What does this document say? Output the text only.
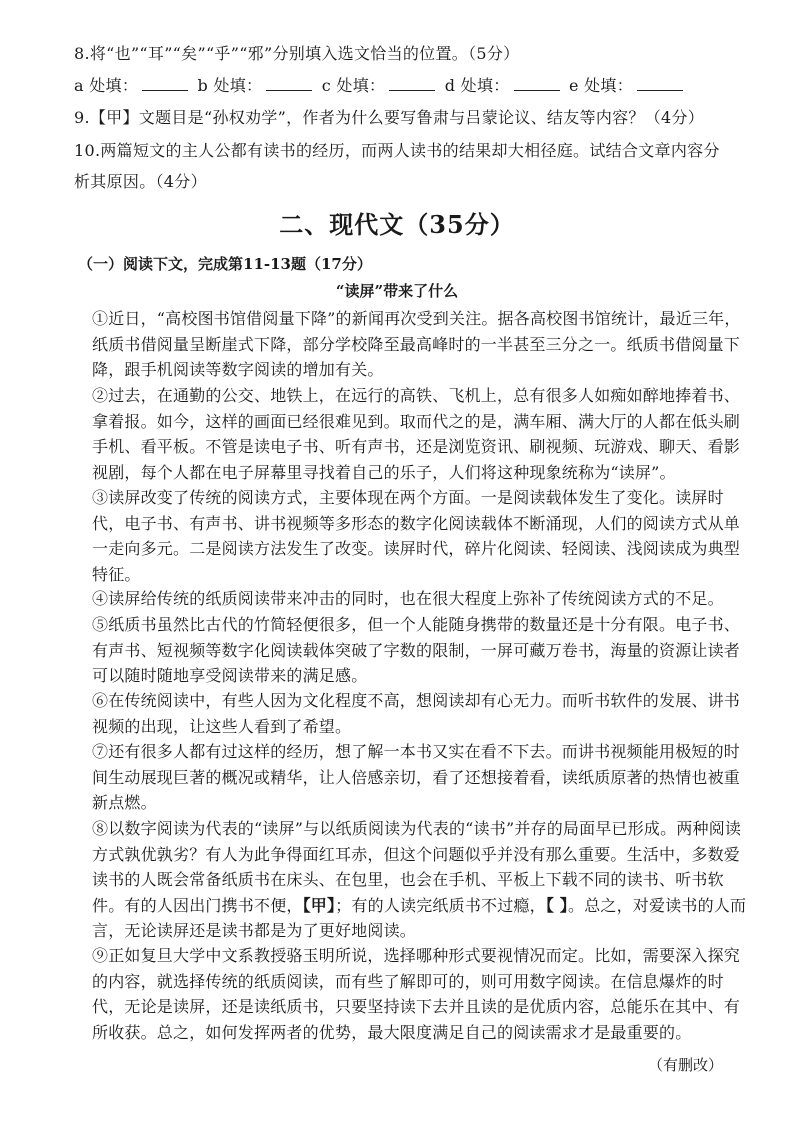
8.将“也”“耳”“矣”“乎”“邪”分别填入选文恰当的位置。（5分）
a 处填：	b 处填：	c 处填：	d 处填：	e 处填：
9.【甲】文题目是“孙权劝学”，作者为什么要写鲁肃与吕蒙论议、结友等内容？（4分）
10.两篇短文的主人公都有读书的经历，而两人读书的结果却大相径庭。试结合文章内容分
析其原因。（4分）
二、现代文（35分）
（一）阅读下文，完成第11-13题（17分）
“读屏”带来了什么
①近日，“高校图书馆借阅量下降”的新闻再次受到关注。据各高校图书馆统计，最近三年，纸质书借阅量呈断崖式下降，部分学校降至最高峰时的一半甚至三分之一。纸质书借阅量下降，跟手机阅读等数字阅读的增加有关。
②过去，在通勤的公交、地铁上，在远行的高铁、飞机上，总有很多人如痴如醉地捧着书、拿着报。如今，这样的画面已经很难见到。取而代之的是，满车厢、满大厅的人都在低头刷手机、看平板。不管是读电子书、听有声书，还是浏览资讯、刷视频、玩游戏、聊天、看影视剧，每个人都在电子屏幕里寻找着自己的乐子，人们将这种现象统称为“读屏”。
③读屏改变了传统的阅读方式，主要体现在两个方面。一是阅读载体发生了变化。读屏时代，电子书、有声书、讲书视频等多形态的数字化阅读载体不断涌现，人们的阅读方式从单一走向多元。二是阅读方法发生了改变。读屏时代，碎片化阅读、轻阅读、浅阅读成为典型特征。
④读屏给传统的纸质阅读带来冲击的同时，也在很大程度上弥补了传统阅读方式的不足。
⑤纸质书虽然比古代的竹简轻便很多，但一个人能随身携带的数量还是十分有限。电子书、有声书、短视频等数字化阅读载体突破了字数的限制，一屏可藏万卷书，海量的资源让读者可以随时随地享受阅读带来的满足感。
⑥在传统阅读中，有些人因为文化程度不高，想阅读却有心无力。而听书软件的发展、讲书视频的出现，让这些人看到了希望。
⑦还有很多人都有过这样的经历，想了解一本书又实在看不下去。而讲书视频能用极短的时间生动展现巨著的概况或精华，让人倍感亲切，看了还想接着看，读纸质原著的热情也被重新点燃。
⑧以数字阅读为代表的“读屏”与以纸质阅读为代表的“读书”并存的局面早已形成。两种阅读方式孰优孰劣？有人为此争得面红耳赤，但这个问题似乎并没有那么重要。生活中，多数爱读书的人既会常备纸质书在床头、在包里，也会在手机、平板上下载不同的读书、听书软件。有的人因出门携书不便，【甲】；有的人读完纸质书不过瘾，【 】。总之，对爱读书的人而言，无论读屏还是读书都是为了更好地阅读。
⑨正如复旦大学中文系教授骆玉明所说，选择哪种形式要视情况而定。比如，需要深入探究的内容，就选择传统的纸质阅读，而有些了解即可的，则可用数字阅读。在信息爆炸的时代，无论是读屏，还是读纸质书，只要坚持读下去并且读的是优质内容，总能乐在其中、有所收获。总之，如何发挥两者的优势，最大限度满足自己的阅读需求才是最重要的。
（有删改）
